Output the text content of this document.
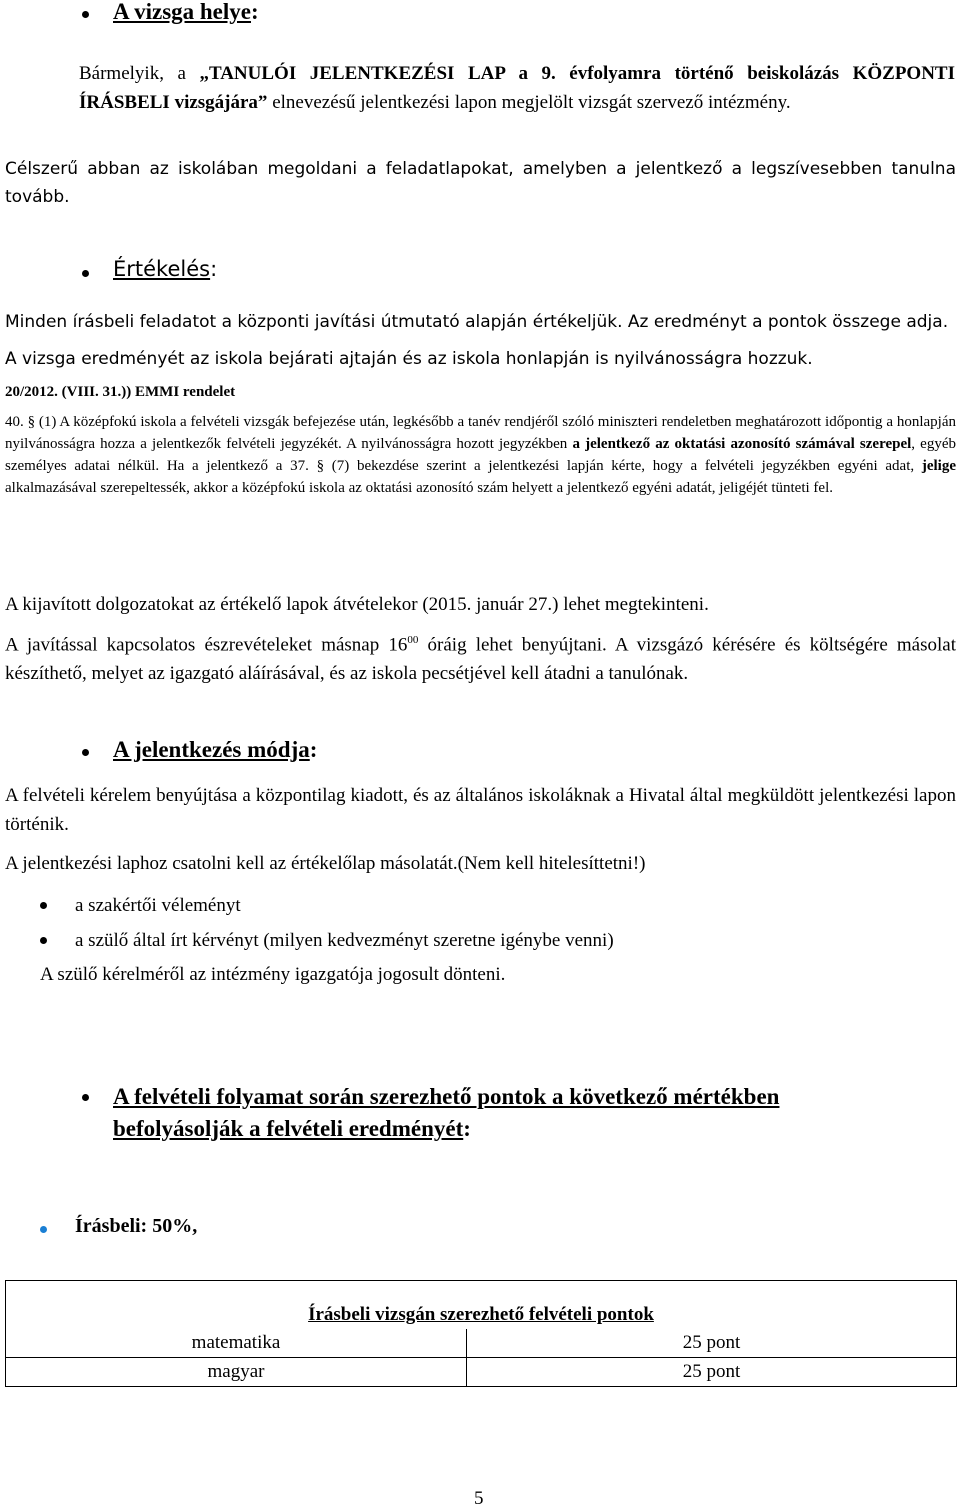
A vizsga helye:
Bármelyik, a „TANULÓI JELENTKEZÉSI LAP a 9. évfolyamra történő beiskolázás KÖZPONTI ÍRÁSBELI vizsgájára” elnevezésű jelentkezési lapon megjelölt vizsgát szervező intézmény.
Célszerű abban az iskolában megoldani a feladatlapokat, amelyben a jelentkező a legszívesebben tanulna tovább.
Értékelés:
Minden írásbeli feladatot a központi javítási útmutató alapján értékeljük. Az eredményt a pontok összege adja.
A vizsga eredményét az iskola bejárati ajtaján és az iskola honlapján is nyilvánosságra hozzuk.
20/2012. (VIII. 31.)) EMMI rendelet
40. § (1) A középfokú iskola a felvételi vizsgák befejezése után, legkésőbb a tanév rendjéről szóló miniszteri rendeletben meghatározott időpontig a honlapján nyilvánosságra hozza a jelentkezők felvételi jegyzékét. A nyilvánosságra hozott jegyzékben a jelentkező az oktatási azonosító számával szerepel, egyéb személyes adatai nélkül. Ha a jelentkező a 37. § (7) bekezdése szerint a jelentkezési lapján kérte, hogy a felvételi jegyzékben egyéni adat, jelige alkalmazásával szerepeltessék, akkor a középfokú iskola az oktatási azonosító szám helyett a jelentkező egyéni adatát, jeligéjét tünteti fel.
A kijavított dolgozatokat az értékelő lapok átvételekor (2015. január 27.) lehet megtekinteni.
A javítással kapcsolatos észrevételeket másnap $16^{00}$ óráig lehet benyújtani. A vizsgázó kérésére és költségére másolat készíthető, melyet az igazgató aláírásával, és az iskola pecsétjével kell átadni a tanulónak.
A jelentkezés módja:
A felvételi kérelem benyújtása a központilag kiadott, és az általános iskoláknak a Hivatal által megküldött jelentkezési lapon történik.
A jelentkezési laphoz csatolni kell az értékelőlap másolatát.(Nem kell hitelesíttetni!)
a szakértői véleményt
a szülő által írt kérvényt (milyen kedvezményt szeretne igénybe venni)
A szülő kérelméről az intézmény igazgatója jogosult dönteni.
A felvételi folyamat során szerezhető pontok a következő mértékben
befolyásolják a felvételi eredményét:
Írásbeli: 50%,
Írásbeli vizsgán szerezhető felvételi pontok	
matematika	25 pont
magyar	25 pont
5
